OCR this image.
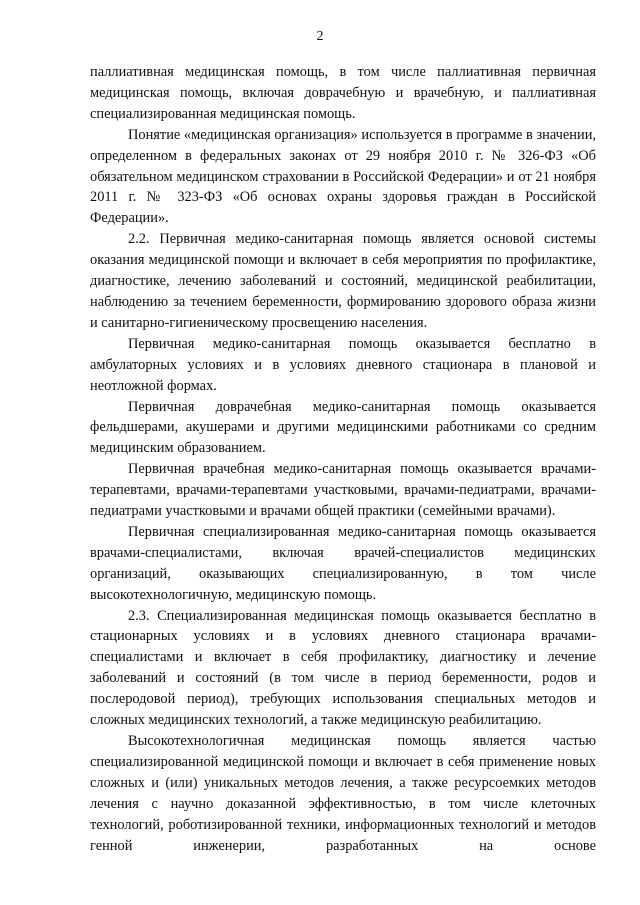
2

паллиативная медицинская помощь, в том числе паллиативная первичная медицинская помощь, включая доврачебную и врачебную, и паллиативная специализированная медицинская помощь.

Понятие «медицинская организация» используется в программе в значении, определенном в федеральных законах от 29 ноября 2010 г. № 326-ФЗ «Об обязательном медицинском страховании в Российской Федерации» и от 21 ноября 2011 г. № 323-ФЗ «Об основах охраны здоровья граждан в Российской Федерации».

2.2. Первичная медико-санитарная помощь является основой системы оказания медицинской помощи и включает в себя мероприятия по профилактике, диагностике, лечению заболеваний и состояний, медицинской реабилитации, наблюдению за течением беременности, формированию здорового образа жизни и санитарно-гигиеническому просвещению населения.

Первичная медико-санитарная помощь оказывается бесплатно в амбулаторных условиях и в условиях дневного стационара в плановой и неотложной формах.

Первичная доврачебная медико-санитарная помощь оказывается фельдшерами, акушерами и другими медицинскими работниками со средним медицинским образованием.

Первичная врачебная медико-санитарная помощь оказывается врачами-терапевтами, врачами-терапевтами участковыми, врачами-педиатрами, врачами-педиатрами участковыми и врачами общей практики (семейными врачами).

Первичная специализированная медико-санитарная помощь оказывается врачами-специалистами, включая врачей-специалистов медицинских организаций, оказывающих специализированную, в том числе высокотехнологичную, медицинскую помощь.

2.3. Специализированная медицинская помощь оказывается бесплатно в стационарных условиях и в условиях дневного стационара врачами-специалистами и включает в себя профилактику, диагностику и лечение заболеваний и состояний (в том числе в период беременности, родов и послеродовой период), требующих использования специальных методов и сложных медицинских технологий, а также медицинскую реабилитацию.

Высокотехнологичная медицинская помощь является частью специализированной медицинской помощи и включает в себя применение новых сложных и (или) уникальных методов лечения, а также ресурсоемких методов лечения с научно доказанной эффективностью, в том числе клеточных технологий, роботизированной техники, информационных технологий и методов генной инженерии, разработанных на основе
